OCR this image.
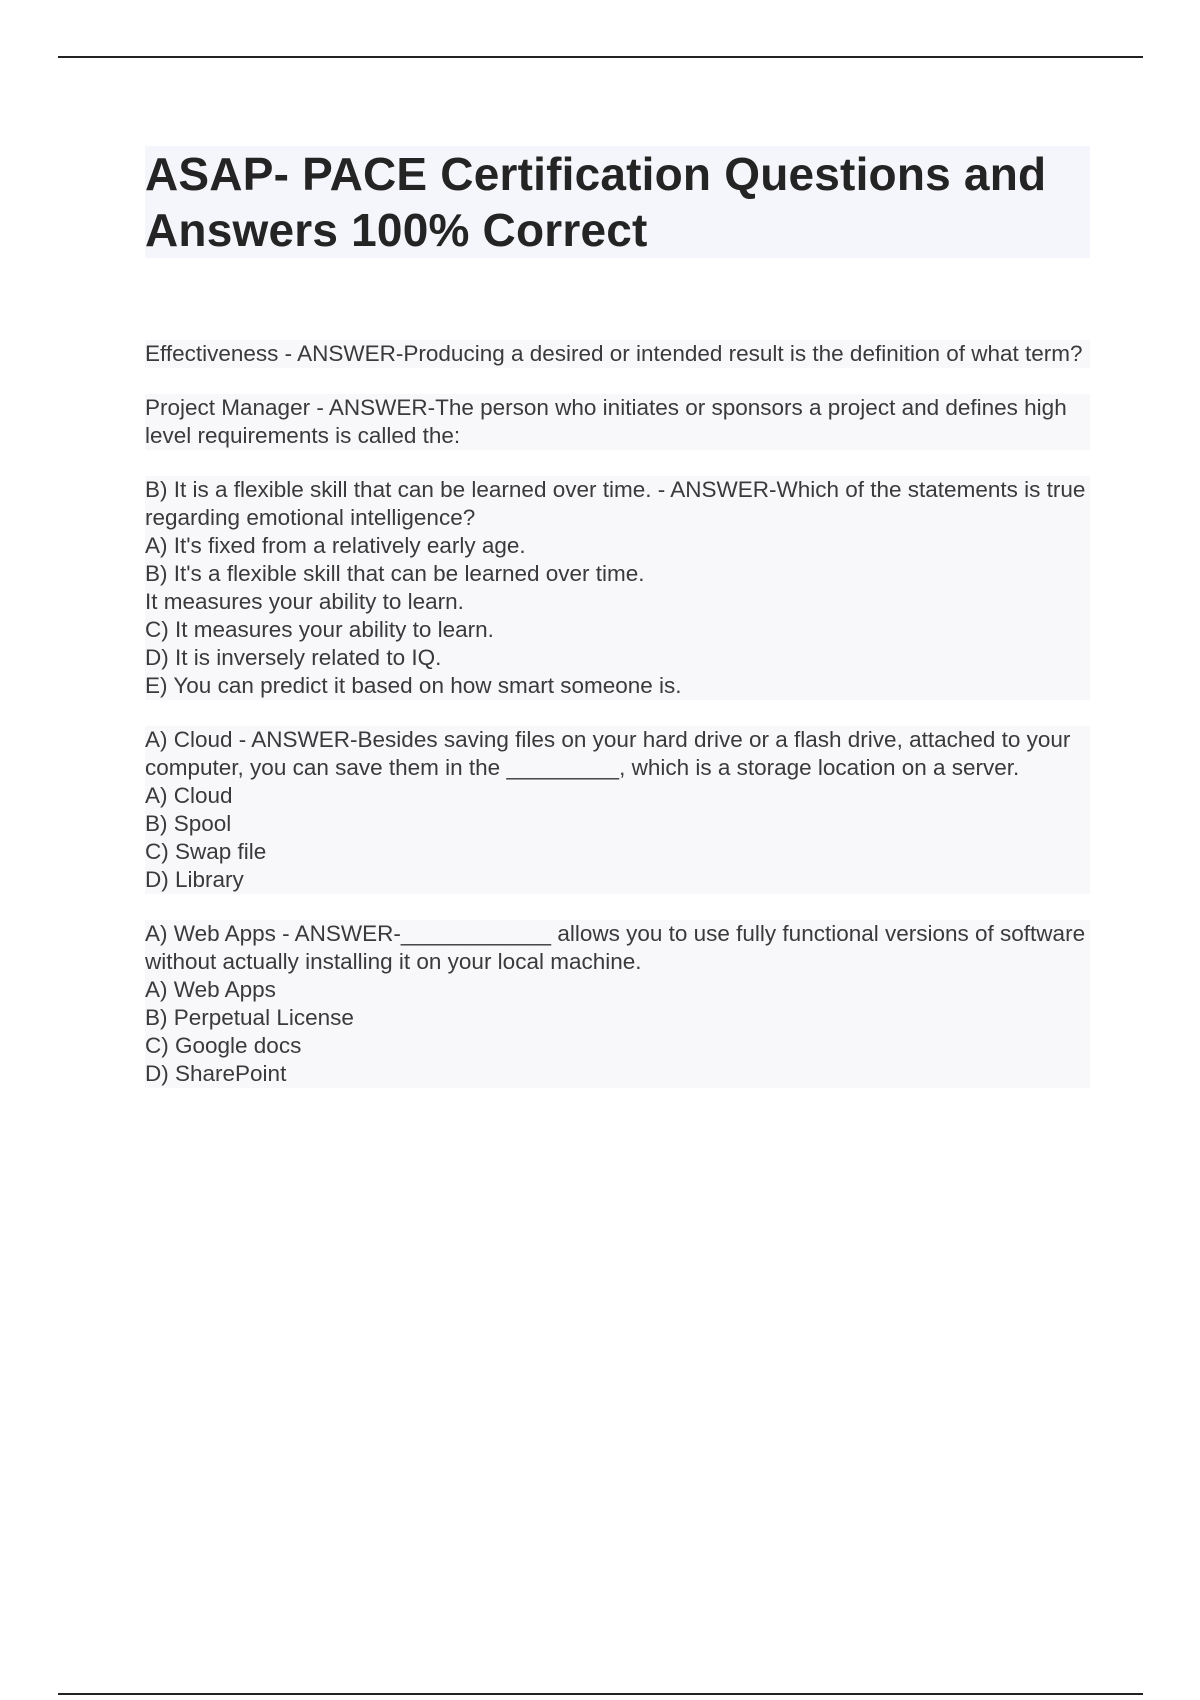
ASAP- PACE Certification Questions and Answers 100% Correct
Effectiveness - ANSWER-Producing a desired or intended result is the definition of what term?
Project Manager - ANSWER-The person who initiates or sponsors a project and defines high level requirements is called the:
B) It is a flexible skill that can be learned over time. - ANSWER-Which of the statements is true regarding emotional intelligence?
A) It's fixed from a relatively early age.
B) It's a flexible skill that can be learned over time.
It measures your ability to learn.
C) It measures your ability to learn.
D) It is inversely related to IQ.
E) You can predict it based on how smart someone is.
A) Cloud - ANSWER-Besides saving files on your hard drive or a flash drive, attached to your computer, you can save them in the _________, which is a storage location on a server.
A) Cloud
B) Spool
C) Swap file
D) Library
A) Web Apps - ANSWER-____________ allows you to use fully functional versions of software without actually installing it on your local machine.
A) Web Apps
B) Perpetual License
C) Google docs
D) SharePoint
